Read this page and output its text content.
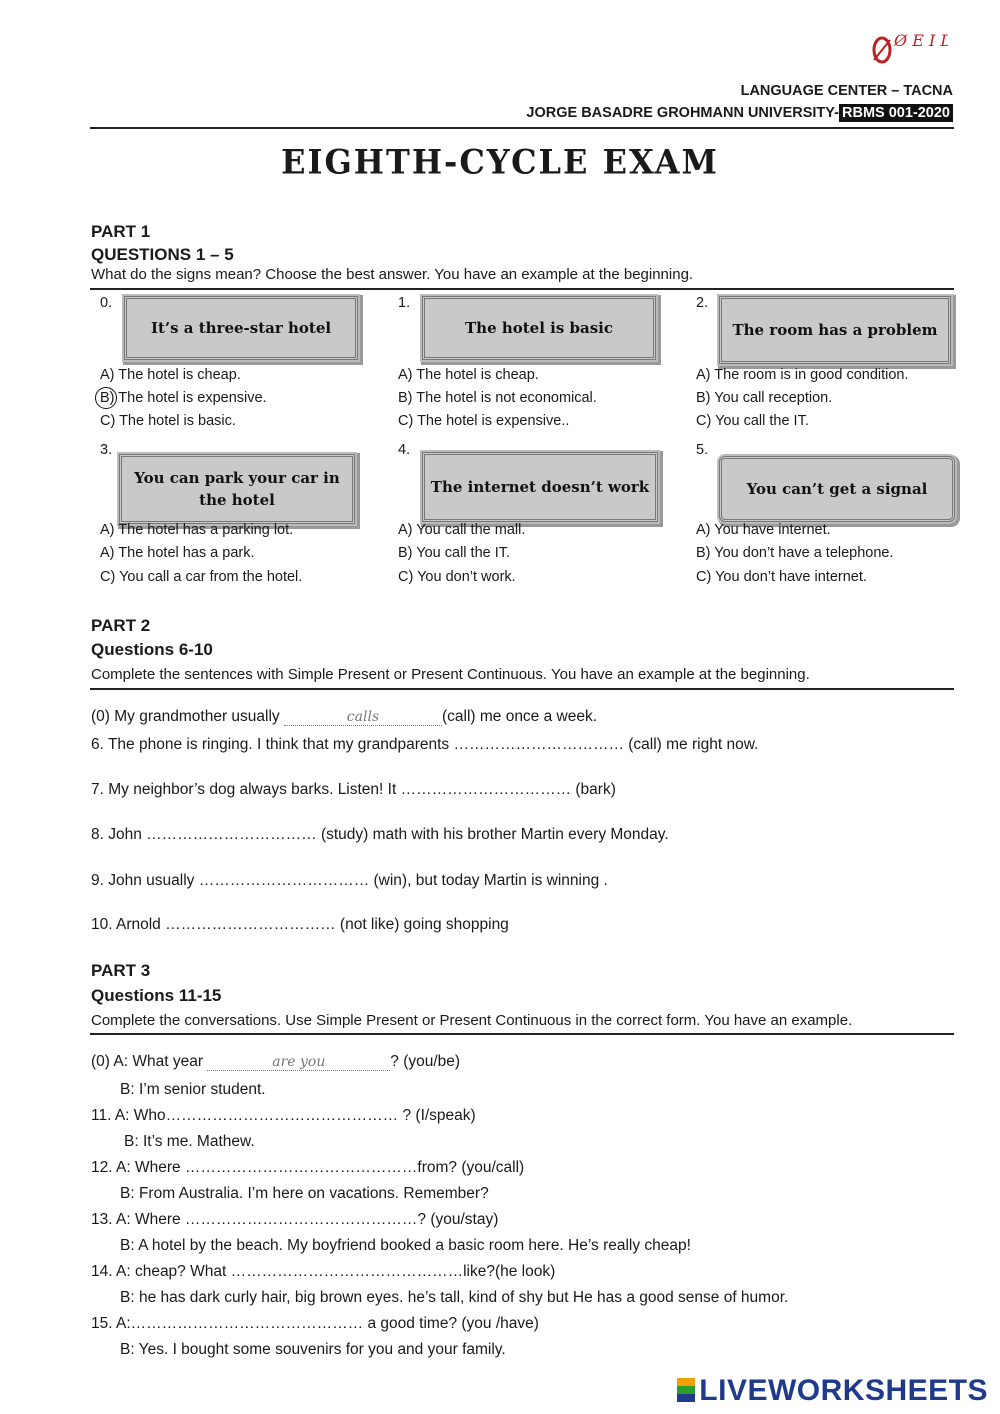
Ø E I D
LANGUAGE CENTER – TACNA
JORGE BASADRE GROHMANN UNIVERSITY- RBMS 001-2020
EIGHTH-CYCLE EXAM
PART 1
QUESTIONS 1 – 5
What do the signs mean? Choose the best answer. You have an example at the beginning.
0.
It’s a three-star hotel
1.
The hotel is basic
2.
The room has a problem
A) The hotel is cheap.
B) The hotel is expensive.
C) The hotel is basic.
A) The hotel is cheap.
B) The hotel is not economical.
C) The hotel is expensive..
A) The room is in good condition.
B) You call reception.
C) You call the IT.
3.
You can park your car in the hotel
4.
The internet doesn’t work
5.
You can’t get a signal
A) The hotel has a parking lot.
A) The hotel has a park.
C) You call a car from the hotel.
A) You call the mall.
B) You call the IT.
C) You don’t work.
A) You have internet.
B) You don’t have a telephone.
C) You don’t have internet.
PART 2
Questions 6-10
Complete the sentences with Simple Present or Present Continuous. You have an example at the beginning.
(0) My grandmother usually	calls	(call) me once a week.
6. The phone is ringing. I think that my grandparents …………………………… (call) me right now.
7. My neighbor’s dog always barks. Listen! It …………………………… (bark)
8. John …………………………… (study) math with his brother Martin every Monday.
9. John usually …………………………… (win), but today Martin is winning .
10. Arnold …………………………… (not like) going shopping
PART 3
Questions 11-15
Complete the conversations. Use Simple Present or Present Continuous in the correct form. You have an example.
(0) A: What year	are you	? (you/be)
B: I’m senior student.
11. A: Who……………………………………… ? (I/speak)
B: It’s me. Mathew.
12. A: Where ………………………………………from? (you/call)
B: From Australia. I’m here on vacations. Remember?
13. A: Where ………………………………………? (you/stay)
B: A hotel by the beach. My boyfriend booked a basic room here. He’s really cheap!
14. A: cheap? What ………………………………………like?(he look)
B: he has dark curly hair, big brown eyes. he’s tall, kind of shy but He has a good sense of humor.
15. A:……………………………………… a good time? (you /have)
B: Yes. I bought some souvenirs for you and your family.
LIVEWORKSHEETS
